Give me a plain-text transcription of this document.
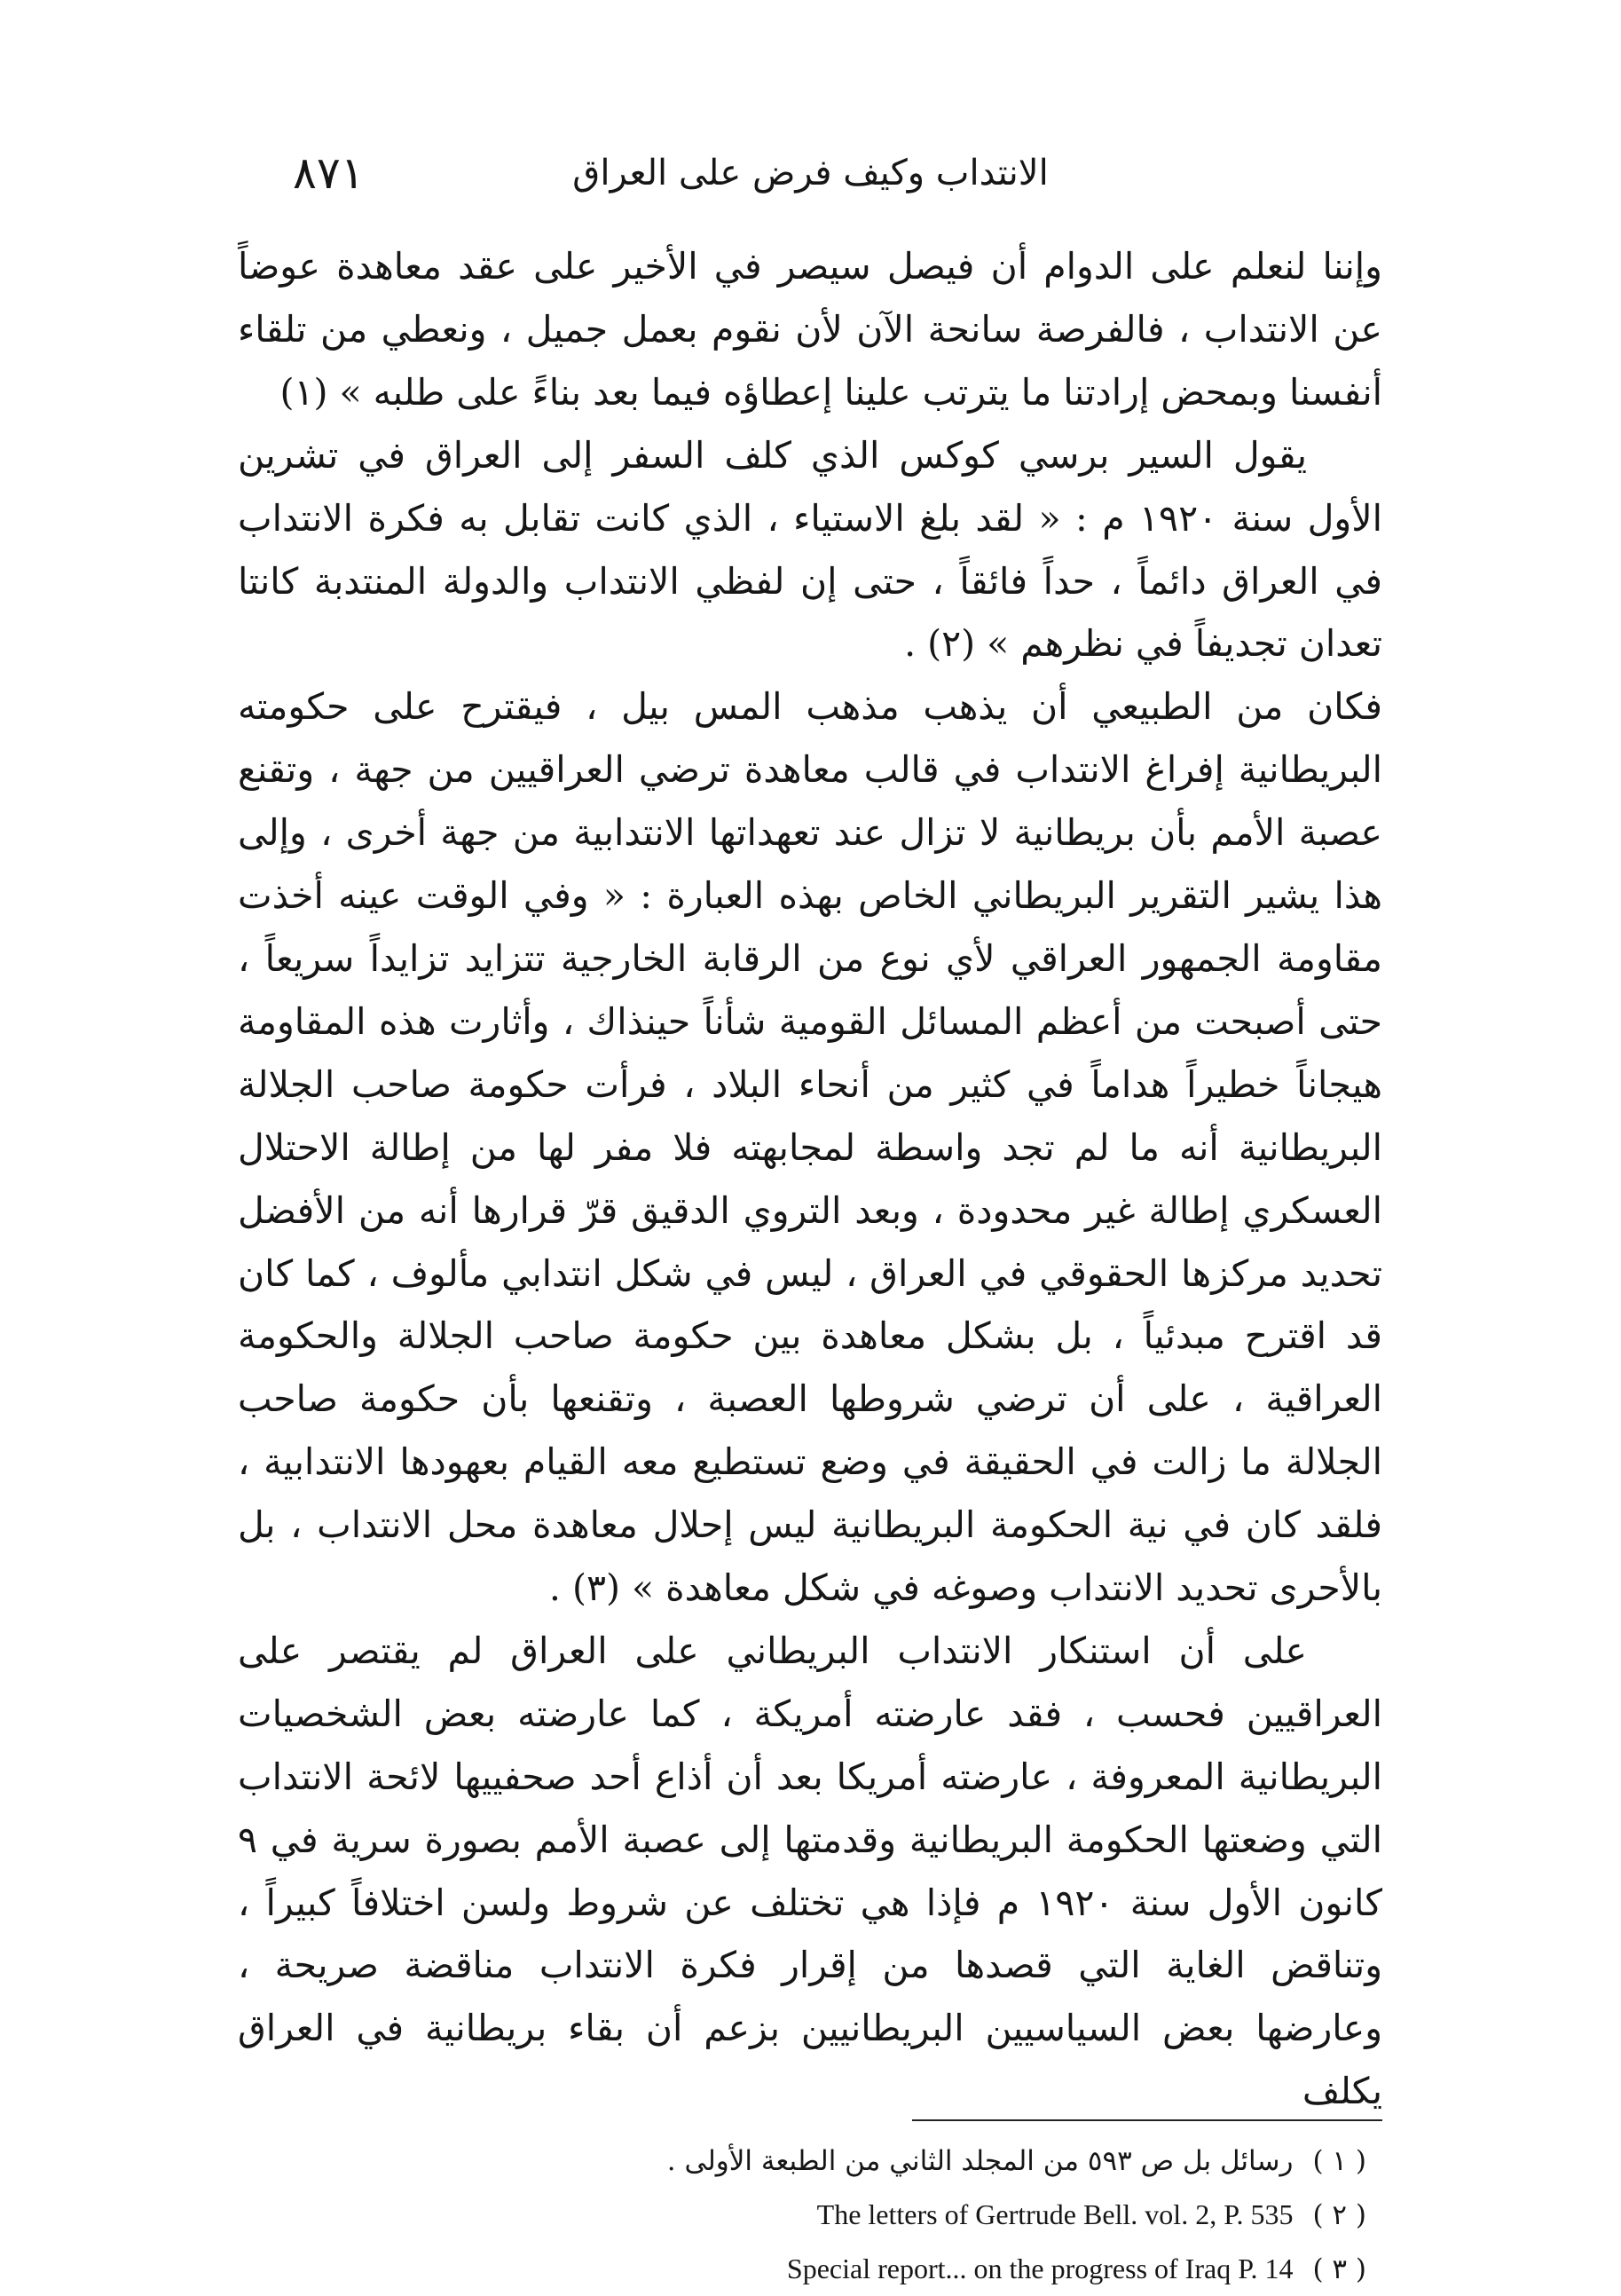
٨٧١	الانتداب وكيف فرض على العراق

وإننا لنعلم على الدوام أن فيصل سيصر في الأخير على عقد معاهدة عوضاً عن الانتداب ، فالفرصة سانحة الآن لأن نقوم بعمل جميل ، ونعطي من تلقاء أنفسنا وبمحض إرادتنا ما يترتب علينا إعطاؤه فيما بعد بناءً على طلبه » (١)

يقول السير برسي كوكس الذي كلف السفر إلى العراق في تشرين الأول سنة ١٩٢٠ م : « لقد بلغ الاستياء ، الذي كانت تقابل به فكرة الانتداب في العراق دائماً ، حداً فائقاً ، حتى إن لفظي الانتداب والدولة المنتدبة كانتا تعدان تجديفاً في نظرهم » (٢) .

فكان من الطبيعي أن يذهب مذهب المس بيل ، فيقترح على حكومته البريطانية إفراغ الانتداب في قالب معاهدة ترضي العراقيين من جهة ، وتقنع عصبة الأمم بأن بريطانية لا تزال عند تعهداتها الانتدابية من جهة أخرى ، وإلى هذا يشير التقرير البريطاني الخاص بهذه العبارة : « وفي الوقت عينه أخذت مقاومة الجمهور العراقي لأي نوع من الرقابة الخارجية تتزايد تزايداً سريعاً ، حتى أصبحت من أعظم المسائل القومية شأناً حينذاك ، وأثارت هذه المقاومة هيجاناً خطيراً هداماً في كثير من أنحاء البلاد ، فرأت حكومة صاحب الجلالة البريطانية أنه ما لم تجد واسطة لمجابهته فلا مفر لها من إطالة الاحتلال العسكري إطالة غير محدودة ، وبعد التروي الدقيق قرّ قرارها أنه من الأفضل تحديد مركزها الحقوقي في العراق ، ليس في شكل انتدابي مألوف ، كما كان قد اقترح مبدئياً ، بل بشكل معاهدة بين حكومة صاحب الجلالة والحكومة العراقية ، على أن ترضي شروطها العصبة ، وتقنعها بأن حكومة صاحب الجلالة ما زالت في الحقيقة في وضع تستطيع معه القيام بعهودها الانتدابية ، فلقد كان في نية الحكومة البريطانية ليس إحلال معاهدة محل الانتداب ، بل بالأحرى تحديد الانتداب وصوغه في شكل معاهدة » (٣) .

على أن استنكار الانتداب البريطاني على العراق لم يقتصر على العراقيين فحسب ، فقد عارضته أمريكة ، كما عارضته بعض الشخصيات البريطانية المعروفة ، عارضته أمريكا بعد أن أذاع أحد صحفييها لائحة الانتداب التي وضعتها الحكومة البريطانية وقدمتها إلى عصبة الأمم بصورة سرية في ٩ كانون الأول سنة ١٩٢٠ م فإذا هي تختلف عن شروط ولسن اختلافاً كبيراً ، وتناقض الغاية التي قصدها من إقرار فكرة الانتداب مناقضة صريحة ، وعارضها بعض السياسيين البريطانيين بزعم أن بقاء بريطانية في العراق يكلف

( ١ )رسائل بل ص ٥٩٣ من المجلد الثاني من الطبعة الأولى .
( ٢ )The letters of Gertrude Bell. vol. 2, P. 535
( ٣ )Special report... on the progress of Iraq P. 14
